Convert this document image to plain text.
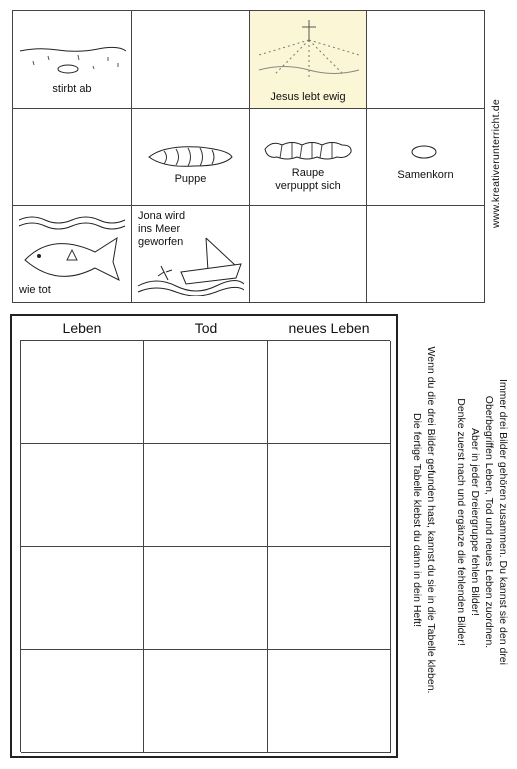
stirbt ab
Jesus lebt ewig
Puppe	Raupe
verpuppt sich
Samenkorn
wie tot
Jona wird
ins Meer
geworfen
www.kreativerunterricht.de
Leben	Tod	neues Leben

Immer drei Bilder gehören zusammen. Du kannst sie den drei

Oberbegriffen Leben, Tod und neues Leben zuordnen.

Aber in jeder Dreiergruppe fehlen Bilder!

Denke zuerst nach und ergänze die fehlenden Bilder!

Wenn du die drei Bilder gefunden hast, kannst du sie in die Tabelle kleben.

Die fertige Tabelle klebst du dann in dein Heft!
